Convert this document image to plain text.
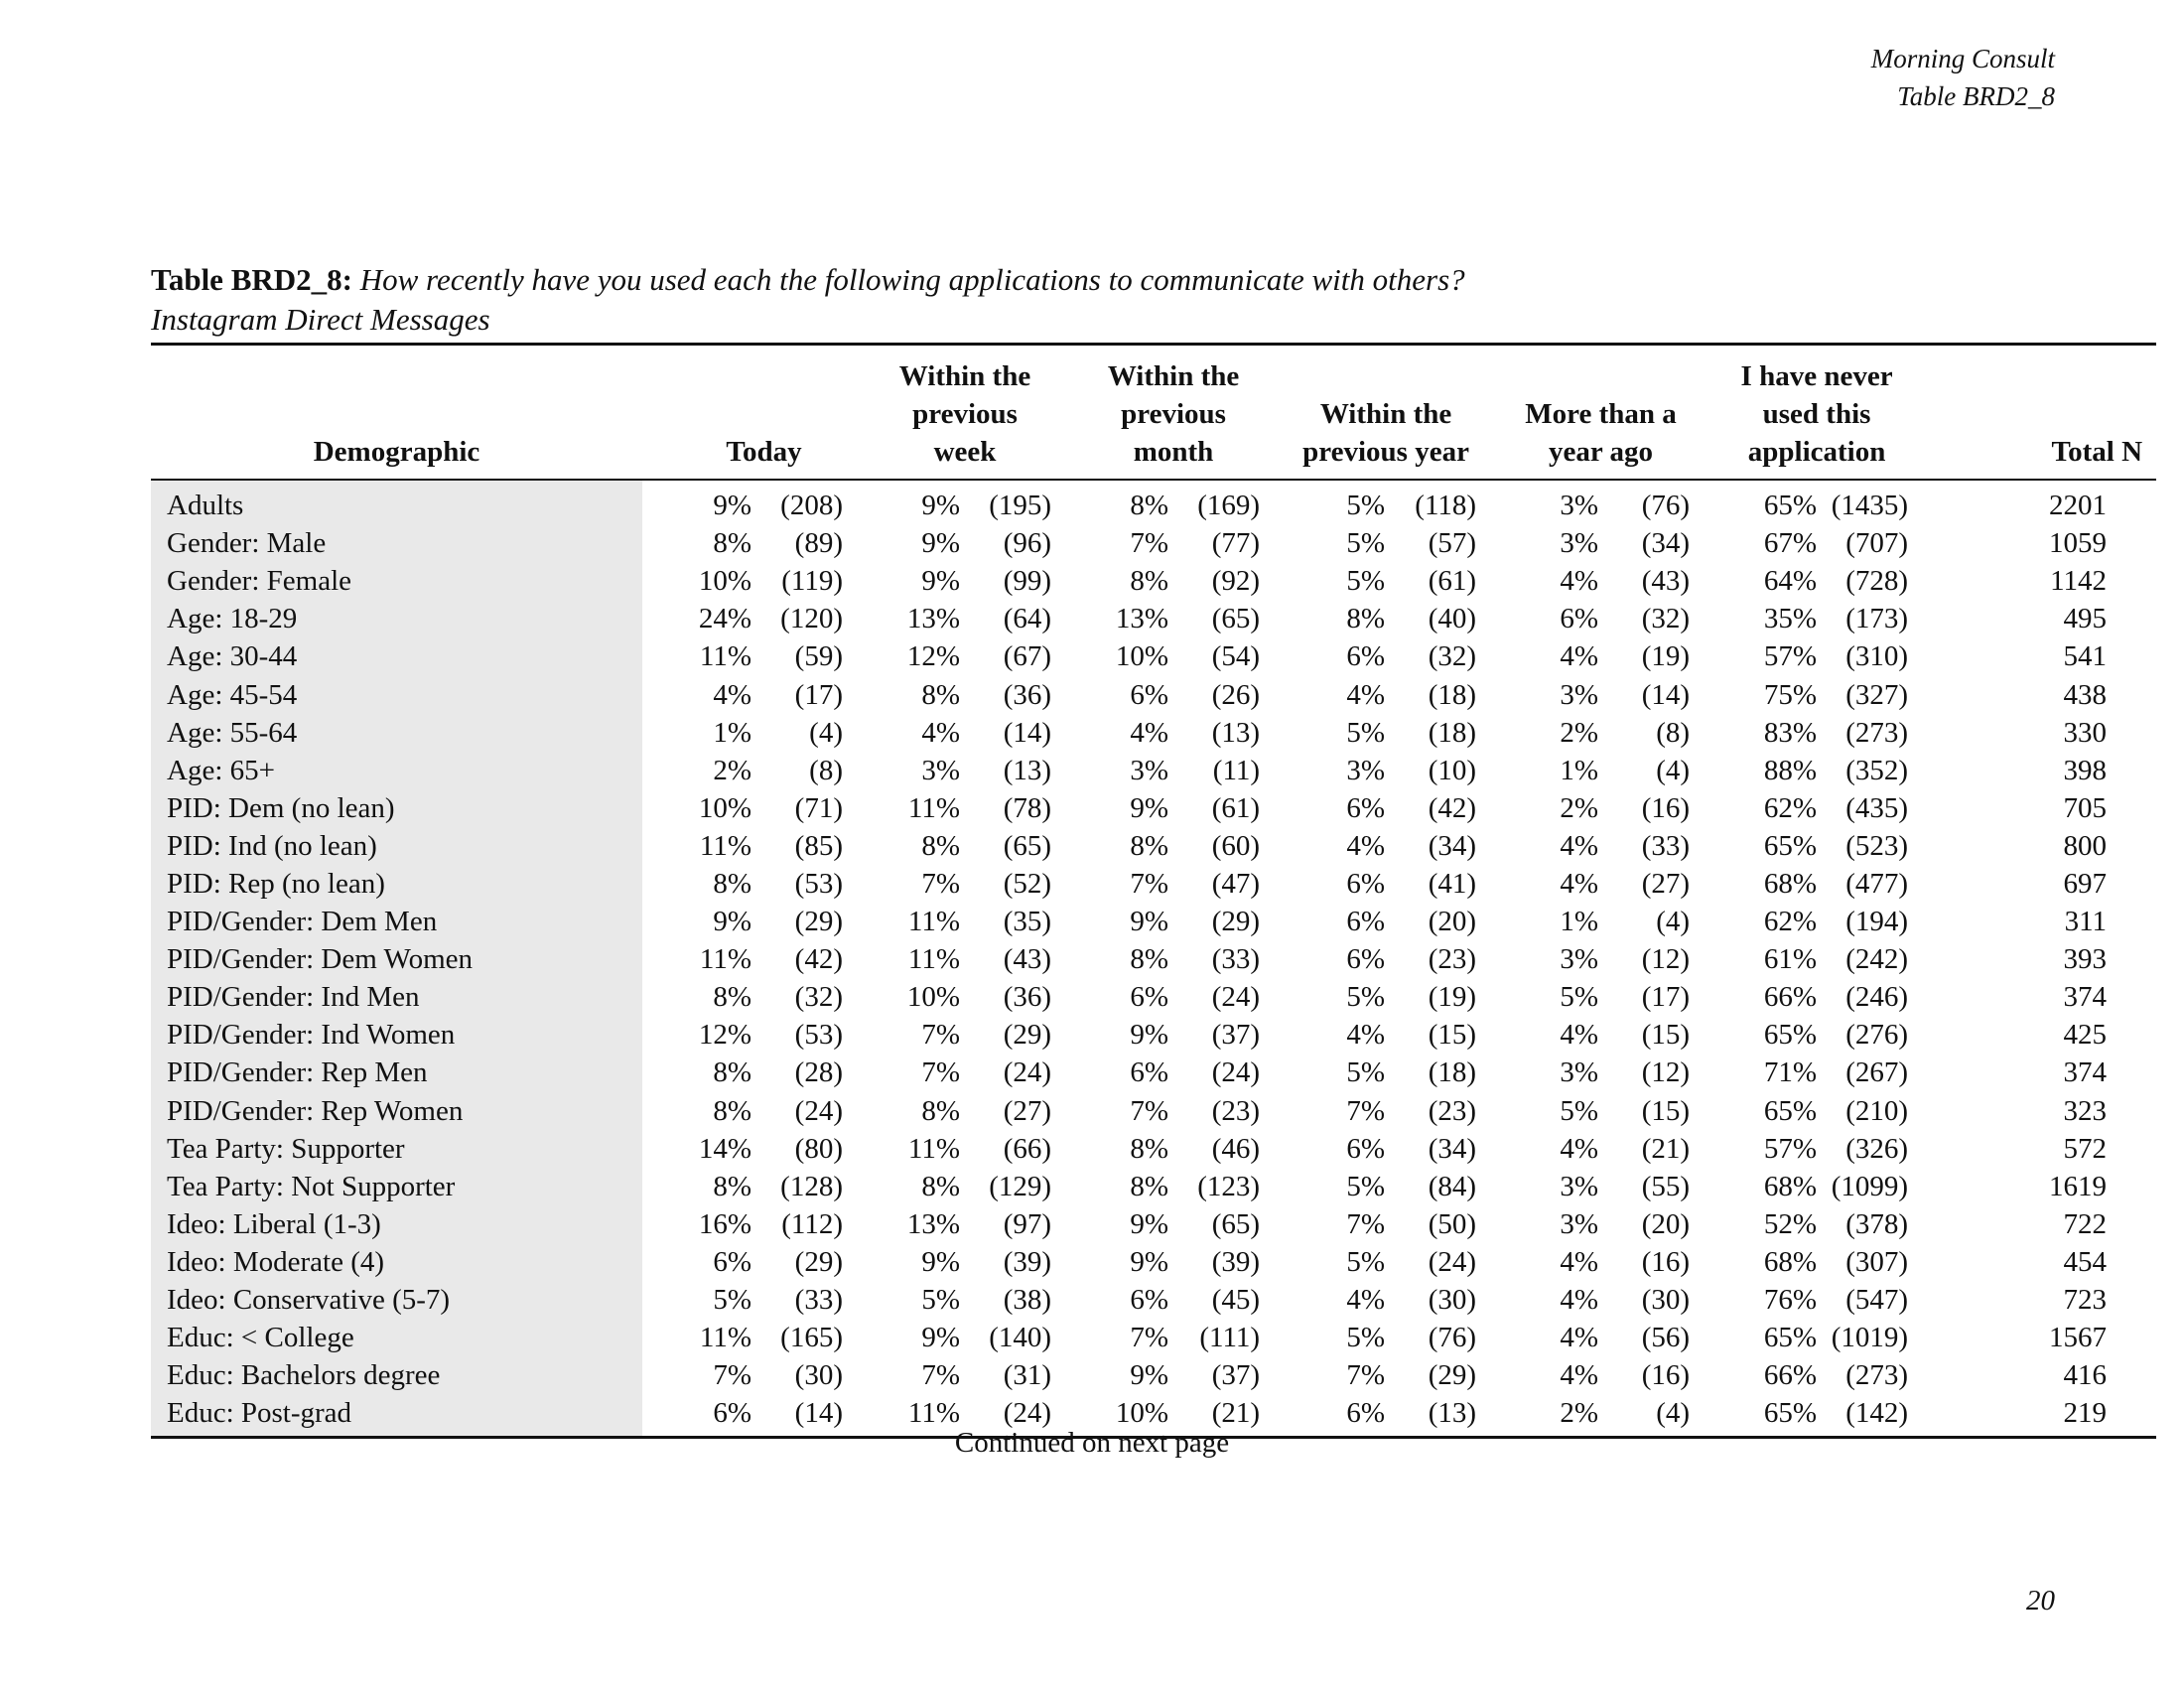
Morning Consult
Table BRD2_8
Table BRD2_8: How recently have you used each the following applications to communicate with others?
Instagram Direct Messages
Demographic		Today		Within the
previous
week		Within the
previous
month		Within the
previous year		More than a
year ago		I have never
used this
application		Total N
Adults		9%	(208)	9%	(195)	8%	(169)	5%	(118)	3%	(76)	65%	(1435)	2201
Gender: Male		8%	(89)	9%	(96)	7%	(77)	5%	(57)	3%	(34)	67%	(707)	1059
Gender: Female		10%	(119)	9%	(99)	8%	(92)	5%	(61)	4%	(43)	64%	(728)	1142
Age: 18-29		24%	(120)	13%	(64)	13%	(65)	8%	(40)	6%	(32)	35%	(173)	495
Age: 30-44		11%	(59)	12%	(67)	10%	(54)	6%	(32)	4%	(19)	57%	(310)	541
Age: 45-54		4%	(17)	8%	(36)	6%	(26)	4%	(18)	3%	(14)	75%	(327)	438
Age: 55-64		1%	(4)	4%	(14)	4%	(13)	5%	(18)	2%	(8)	83%	(273)	330
Age: 65+		2%	(8)	3%	(13)	3%	(11)	3%	(10)	1%	(4)	88%	(352)	398
PID: Dem (no lean)		10%	(71)	11%	(78)	9%	(61)	6%	(42)	2%	(16)	62%	(435)	705
PID: Ind (no lean)		11%	(85)	8%	(65)	8%	(60)	4%	(34)	4%	(33)	65%	(523)	800
PID: Rep (no lean)		8%	(53)	7%	(52)	7%	(47)	6%	(41)	4%	(27)	68%	(477)	697
PID/Gender: Dem Men		9%	(29)	11%	(35)	9%	(29)	6%	(20)	1%	(4)	62%	(194)	311
PID/Gender: Dem Women		11%	(42)	11%	(43)	8%	(33)	6%	(23)	3%	(12)	61%	(242)	393
PID/Gender: Ind Men		8%	(32)	10%	(36)	6%	(24)	5%	(19)	5%	(17)	66%	(246)	374
PID/Gender: Ind Women		12%	(53)	7%	(29)	9%	(37)	4%	(15)	4%	(15)	65%	(276)	425
PID/Gender: Rep Men		8%	(28)	7%	(24)	6%	(24)	5%	(18)	3%	(12)	71%	(267)	374
PID/Gender: Rep Women		8%	(24)	8%	(27)	7%	(23)	7%	(23)	5%	(15)	65%	(210)	323
Tea Party: Supporter		14%	(80)	11%	(66)	8%	(46)	6%	(34)	4%	(21)	57%	(326)	572
Tea Party: Not Supporter		8%	(128)	8%	(129)	8%	(123)	5%	(84)	3%	(55)	68%	(1099)	1619
Ideo: Liberal (1-3)		16%	(112)	13%	(97)	9%	(65)	7%	(50)	3%	(20)	52%	(378)	722
Ideo: Moderate (4)		6%	(29)	9%	(39)	9%	(39)	5%	(24)	4%	(16)	68%	(307)	454
Ideo: Conservative (5-7)		5%	(33)	5%	(38)	6%	(45)	4%	(30)	4%	(30)	76%	(547)	723
Educ: < College		11%	(165)	9%	(140)	7%	(111)	5%	(76)	4%	(56)	65%	(1019)	1567
Educ: Bachelors degree		7%	(30)	7%	(31)	9%	(37)	7%	(29)	4%	(16)	66%	(273)	416
Educ: Post-grad		6%	(14)	11%	(24)	10%	(21)	6%	(13)	2%	(4)	65%	(142)	219
Continued on next page
20
